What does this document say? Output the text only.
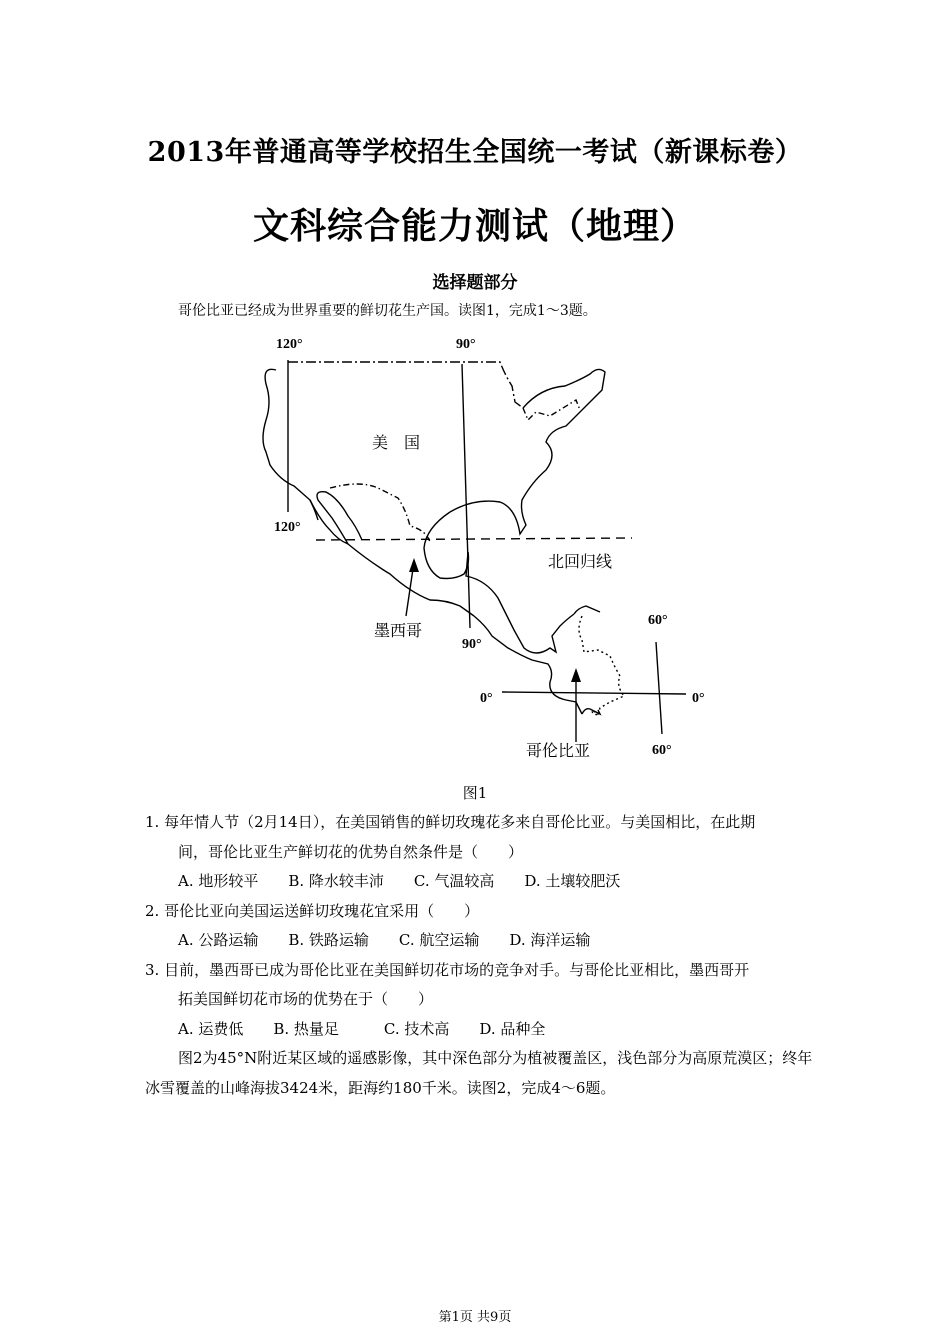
2013年普通高等学校招生全国统一考试（新课标卷）
文科综合能力测试（地理）
选择题部分
哥伦比亚已经成为世界重要的鲜切花生产国。读图1，完成1～3题。
120°	90°
美　国
120°
北回归线
墨西哥
90°
60°
0°	0°
哥伦比亚	60°
图1
1. 每年情人节（2月14日），在美国销售的鲜切玫瑰花多来自哥伦比亚。与美国相比，在此期
间，哥伦比亚生产鲜切花的优势自然条件是（　　）
A. 地形较平　　B. 降水较丰沛　　C. 气温较高　　D. 土壤较肥沃
2. 哥伦比亚向美国运送鲜切玫瑰花宜采用（　　）
A. 公路运输　　B. 铁路运输　　C. 航空运输　　D. 海洋运输
3. 目前，墨西哥已成为哥伦比亚在美国鲜切花市场的竞争对手。与哥伦比亚相比，墨西哥开
拓美国鲜切花市场的优势在于（　　）
A. 运费低　　B. 热量足　　　C. 技术高　　D. 品种全

图2为45°N附近某区域的遥感影像，其中深色部分为植被覆盖区，浅色部分为高原荒漠区；终年冰雪覆盖的山峰海拔3424米，距海约180千米。读图2，完成4～6题。

第1页 共9页
